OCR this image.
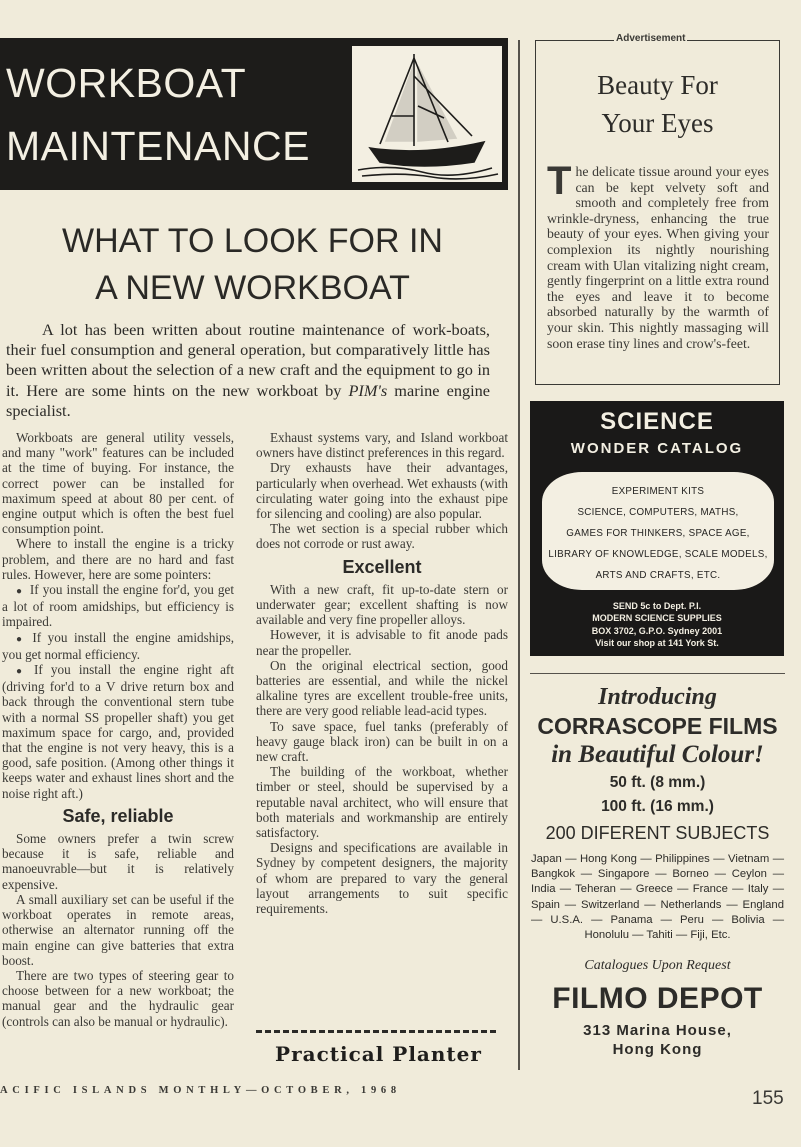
WORKBOAT
MAINTENANCE
WHAT TO LOOK FOR IN
A NEW WORKBOAT
A lot has been written about routine maintenance of work-boats, their fuel consumption and general operation, but comparatively little has been written about the selection of a new craft and the equipment to go in it. Here are some hints on the new workboat by PIM's marine engine specialist.

Workboats are general utility vessels, and many "work" features can be included at the time of buying. For instance, the correct power can be installed for maximum speed at about 80 per cent. of engine output which is often the best fuel consumption point.

Where to install the engine is a tricky problem, and there are no hard and fast rules. However, here are some pointers:

● If you install the engine for'd, you get a lot of room amidships, but efficiency is impaired.

● If you install the engine amidships, you get normal efficiency.

● If you install the engine right aft (driving for'd to a V drive return box and back through the conventional stern tube with a normal SS propeller shaft) you get maximum space for cargo, and, provided that the engine is not very heavy, this is a good, safe position. (Among other things it keeps water and exhaust lines short and the noise right aft.)

Safe, reliable

Some owners prefer a twin screw because it is safe, reliable and manoeuvrable—but it is relatively expensive.

A small auxiliary set can be useful if the workboat operates in remote areas, otherwise an alternator running off the main engine can give batteries that extra boost.

There are two types of steering gear to choose between for a new workboat; the manual gear and the hydraulic gear (controls can also be manual or hydraulic).

Exhaust systems vary, and Island workboat owners have distinct preferences in this regard.

Dry exhausts have their advantages, particularly when overhead. Wet exhausts (with circulating water going into the exhaust pipe for silencing and cooling) are also popular.

The wet section is a special rubber which does not corrode or rust away.

Excellent

With a new craft, fit up-to-date stern or underwater gear; excellent shafting is now available and very fine propeller alloys.

However, it is advisable to fit anode pads near the propeller.

On the original electrical section, good batteries are essential, and while the nickel alkaline tyres are excellent trouble-free units, there are very good reliable lead-acid types.

To save space, fuel tanks (preferably of heavy gauge black iron) can be built in on a new craft.

The building of the workboat, whether timber or steel, should be supervised by a reputable naval architect, who will ensure that both materials and workmanship are entirely satisfactory.

Designs and specifications are available in Sydney by competent designers, the majority of whom are prepared to vary the general layout arrangements to suit specific requirements.

Practical Planter
ACIFIC ISLANDS MONTHLY—OCTOBER, 1968	155
Advertisement
Beauty For
Your Eyes
The delicate tissue around your eyes can be kept velvety soft and smooth and completely free from wrinkle-dryness, enhancing the true beauty of your eyes. When giving your complexion its nightly nourishing cream with Ulan vitalizing night cream, gently fingerprint on a little extra round the eyes and leave it to become absorbed naturally by the warmth of your skin. This nightly massaging will soon erase tiny lines and crow's-feet.
SCIENCE
WONDER CATALOG
EXPERIMENT KITS
SCIENCE, COMPUTERS, MATHS,
GAMES FOR THINKERS, SPACE AGE,
LIBRARY OF KNOWLEDGE, SCALE MODELS,
ARTS AND CRAFTS, ETC.
SEND 5c to Dept. P.I.
MODERN SCIENCE SUPPLIES
BOX 3702, G.P.O. Sydney 2001
Visit our shop at 141 York St.
Introducing
CORRASCOPE FILMS
in Beautiful Colour!
50 ft. (8 mm.)
100 ft. (16 mm.)
200 DIFERENT SUBJECTS
Japan — Hong Kong — Philippines — Vietnam — Bangkok — Singapore — Borneo — Ceylon — India — Teheran — Greece — France — Italy — Spain — Switzerland — Netherlands — England — U.S.A. — Panama — Peru — Bolivia — Honolulu — Tahiti — Fiji, Etc.
Catalogues Upon Request
FILMO DEPOT
313 Marina House,
Hong Kong
